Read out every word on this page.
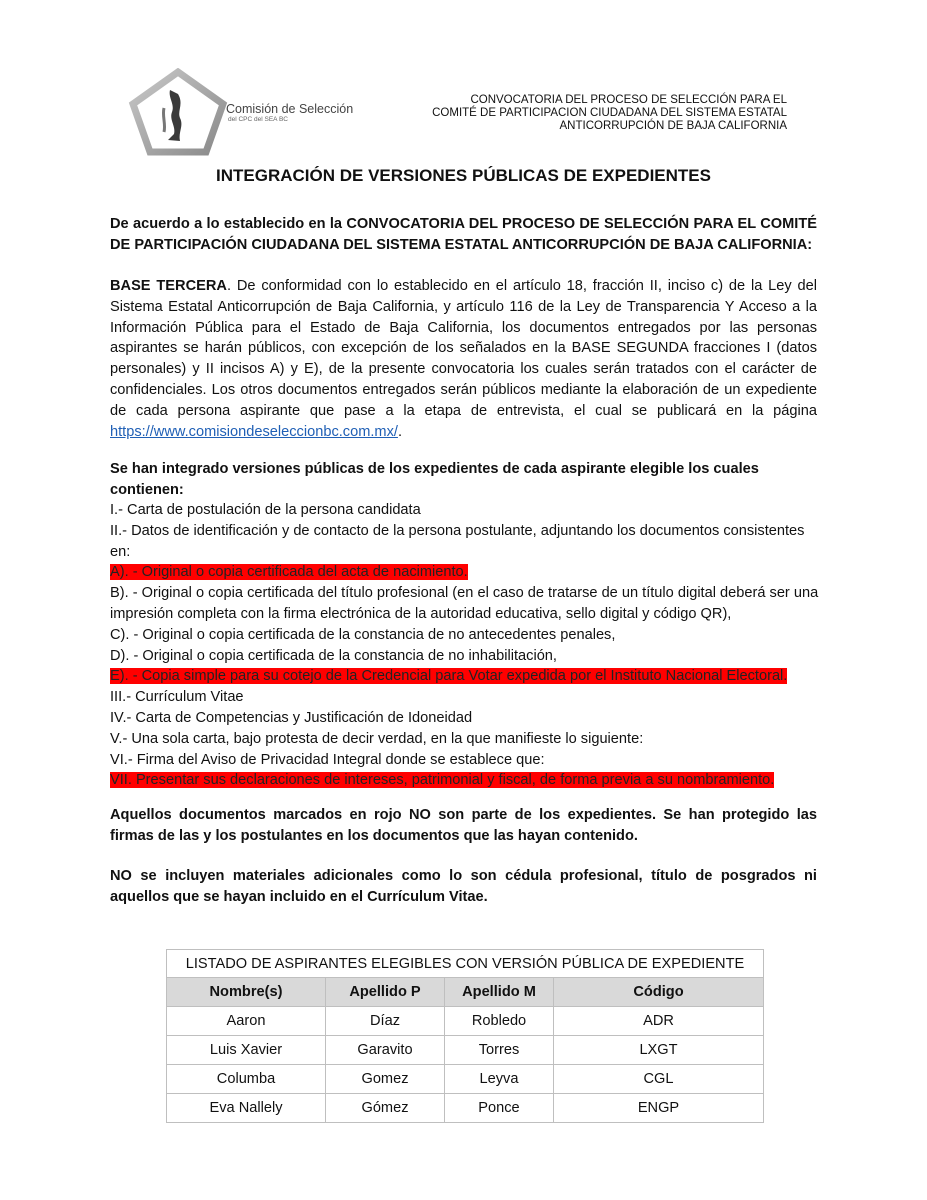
Comisión de Selección
del CPC del SEA BC
CONVOCATORIA DEL PROCESO DE SELECCIÓN PARA EL
COMITÉ DE PARTICIPACION CIUDADANA DEL SISTEMA ESTATAL
ANTICORRUPCIÓN DE BAJA CALIFORNIA
INTEGRACIÓN DE VERSIONES PÚBLICAS DE EXPEDIENTES
De acuerdo a lo establecido en la CONVOCATORIA DEL PROCESO DE SELECCIÓN PARA EL COMITÉ DE PARTICIPACIÓN CIUDADANA DEL SISTEMA ESTATAL ANTICORRUPCIÓN DE BAJA CALIFORNIA:
BASE TERCERA. De conformidad con lo establecido en el artículo 18, fracción II, inciso c) de la Ley del Sistema Estatal Anticorrupción de Baja California, y artículo 116 de la Ley de Transparencia Y Acceso a la Información Pública para el Estado de Baja California, los documentos entregados por las personas aspirantes se harán públicos, con excepción de los señalados en la BASE SEGUNDA fracciones I (datos personales) y II incisos A) y E), de la presente convocatoria los cuales serán tratados con el carácter de confidenciales. Los otros documentos entregados serán públicos mediante la elaboración de un expediente de cada persona aspirante que pase a la etapa de entrevista, el cual se publicará en la página https://www.comisiondeseleccionbc.com.mx/.
Se han integrado versiones públicas de los expedientes de cada aspirante elegible los cuales contienen:
I.- Carta de postulación de la persona candidata
II.- Datos de identificación y de contacto de la persona postulante, adjuntando los documentos consistentes en:
A). - Original o copia certificada del acta de nacimiento.
B). - Original o copia certificada del título profesional (en el caso de tratarse de un título digital deberá ser una impresión completa con la firma electrónica de la autoridad educativa, sello digital y código QR),
C). - Original o copia certificada de la constancia de no antecedentes penales,
D). - Original o copia certificada de la constancia de no inhabilitación,
E). - Copia simple para su cotejo de la Credencial para Votar expedida por el Instituto Nacional Electoral.
III.- Currículum Vitae
IV.- Carta de Competencias y Justificación de Idoneidad
V.- Una sola carta, bajo protesta de decir verdad, en la que manifieste lo siguiente:
VI.- Firma del Aviso de Privacidad Integral donde se establece que:
VII. Presentar sus declaraciones de intereses, patrimonial y fiscal, de forma previa a su nombramiento.
Aquellos documentos marcados en rojo NO son parte de los expedientes. Se han protegido las firmas de las y los postulantes en los documentos que las hayan contenido.
NO se incluyen materiales adicionales como lo son cédula profesional, título de posgrados ni aquellos que se hayan incluido en el Currículum Vitae.
LISTADO DE ASPIRANTES ELEGIBLES CON VERSIÓN PÚBLICA DE EXPEDIENTE			
Nombre(s)	Apellido P	Apellido M	Código
Aaron	Díaz	Robledo	ADR
Luis Xavier	Garavito	Torres	LXGT
Columba	Gomez	Leyva	CGL
Eva Nallely	Gómez	Ponce	ENGP
